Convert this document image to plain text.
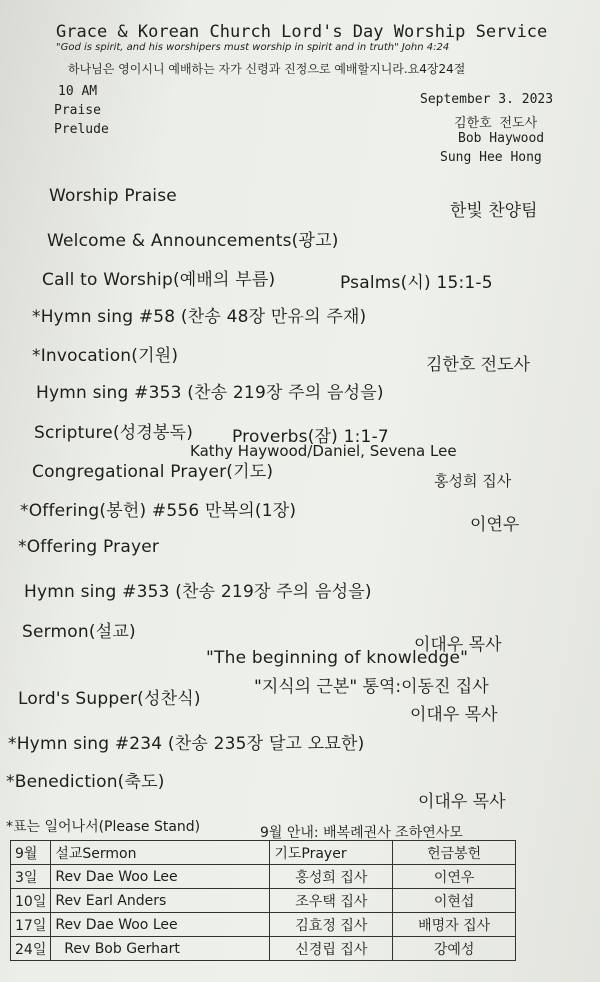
Grace & Korean Church Lord's Day Worship Service
"God is spirit, and his worshipers must worship in spirit and in truth" John 4:24
하나님은 영이시니 예배하는 자가 신령과 진정으로 예배할지니라.요4장24절
10 AM
Praise
Prelude
September 3. 2023
김한호 전도사
Bob Haywood
Sung Hee Hong
Worship Praise
한빛 찬양팀
Welcome & Announcements(광고)
Call to Worship(예배의 부름)	Psalms(시) 15:1-5
*Hymn sing #58 (찬송 48장 만유의 주재)
*Invocation(기원)	김한호 전도사
Hymn sing #353 (찬송 219장 주의 음성을)
Scripture(성경봉독) Proverbs(잠) 1:1-7
Kathy Haywood/Daniel, Sevena Lee
Congregational Prayer(기도)	홍성희 집사
*Offering(봉헌) #556 만복의(1장)
이연우
*Offering Prayer
Hymn sing #353 (찬송 219장 주의 음성을)
Sermon(설교)
이대우 목사
"The beginning of knowledge"
"지식의 근본" 통역:이동진 집사
Lord's Supper(성찬식)
이대우 목사
*Hymn sing #234 (찬송 235장 달고 오묘한)
*Benediction(축도)
이대우 목사
*표는 일어나서(Please Stand)	9월 안내: 배복례권사 조하연사모
9월	설교Sermon	기도Prayer	헌금봉헌
3일	Rev Dae Woo Lee	홍성희 집사	이연우
10일	Rev Earl Anders	조우택 집사	이현섭
17일	Rev Dae Woo Lee	김효정 집사	배명자 집사
24일	Rev Bob Gerhart	신경립 집사	강예성
